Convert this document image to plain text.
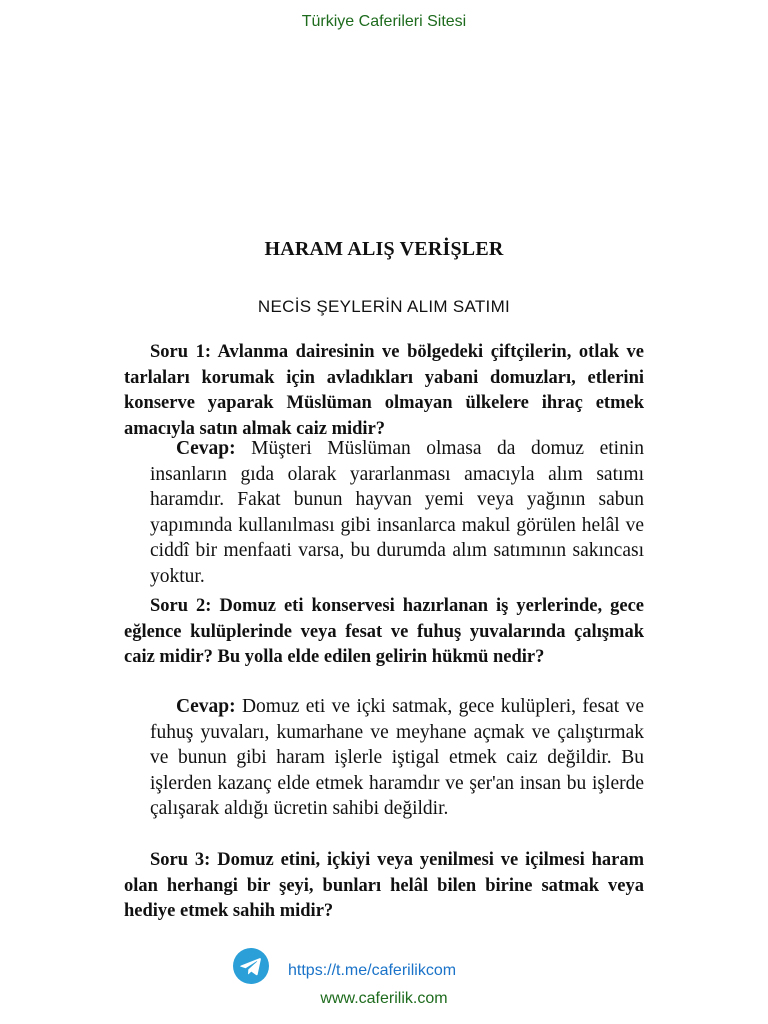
Türkiye Caferileri Sitesi
HARAM ALIŞ VERİŞLER
NECİS ŞEYLERİN ALIM SATIMI
Soru 1: Avlanma dairesinin ve bölgedeki çiftçilerin, otlak ve tarlaları korumak için avladıkları yabani domuzları, etlerini konserve yaparak Müslüman olmayan ülkelere ihraç etmek amacıyla satın almak caiz midir?
Cevap: Müşteri Müslüman olmasa da domuz etinin insanların gıda olarak yararlanması amacıyla alım satımı haramdır. Fakat bunun hayvan yemi veya yağının sabun yapımında kullanılması gibi insanlarca makul görülen helâl ve ciddî bir menfaati varsa, bu durumda alım satımının sakıncası yoktur.
Soru 2: Domuz eti konservesi hazırlanan iş yerlerinde, gece eğlence kulüplerinde veya fesat ve fuhuş yuvalarında çalışmak caiz midir? Bu yolla elde edilen gelirin hükmü nedir?
Cevap: Domuz eti ve içki satmak, gece kulüpleri, fesat ve fuhuş yuvaları, kumarhane ve meyhane açmak ve çalıştırmak ve bunun gibi haram işlerle iştigal etmek caiz değildir. Bu işlerden kazanç elde etmek haramdır ve şer'an insan bu işlerde çalışarak aldığı ücretin sahibi değildir.
Soru 3: Domuz etini, içkiyi veya yenilmesi ve içilmesi haram olan herhangi bir şeyi, bunları helâl bilen birine satmak veya hediye etmek sahih midir?
https://t.me/caferilikcom
www.caferilik.com
